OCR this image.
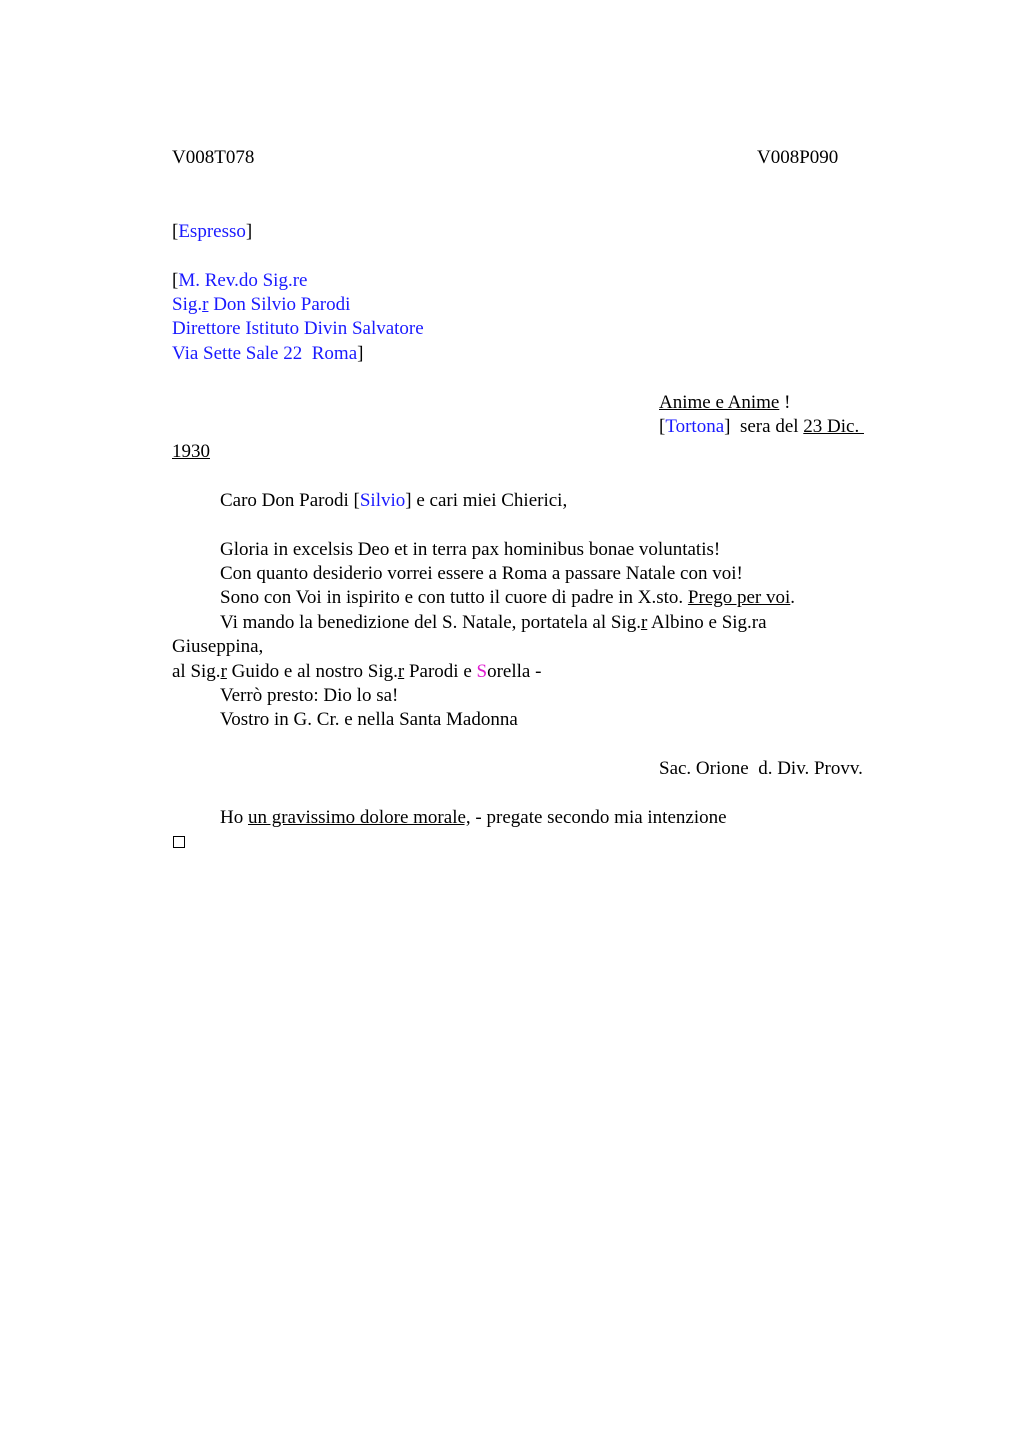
V008T078	V008P090
[Espresso]
[M. Rev.do Sig.re
Sig.r Don Silvio Parodi
Direttore Istituto Divin Salvatore
Via Sette Sale 22  Roma]
Anime e Anime !
[Tortona]  sera del 23 Dic.
1930
Caro Don Parodi [Silvio] e cari miei Chierici,
Gloria in excelsis Deo et in terra pax hominibus bonae voluntatis!
Con quanto desiderio vorrei essere a Roma a passare Natale con voi!
Sono con Voi in ispirito e con tutto il cuore di padre in X.sto. Prego per voi.
Vi mando la benedizione del S. Natale, portatela al Sig.r Albino e Sig.ra
Giuseppina,
al Sig.r Guido e al nostro Sig.r Parodi e Sorella -
Verrò presto: Dio lo sa!
Vostro in G. Cr. e nella Santa Madonna
Sac. Orione  d. Div. Provv.
Ho un gravissimo dolore morale, - pregate secondo mia intenzione
